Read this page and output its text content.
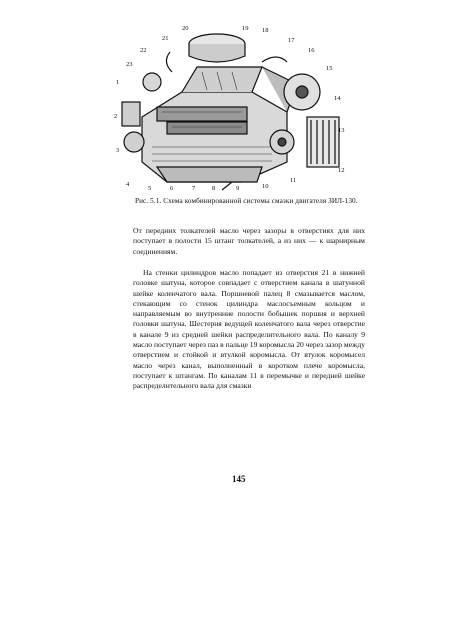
1
2
3
4
5	6	7	8	9	10
11
12
13
14
15
16
17
18
19
20
21
22
23
Рис. 5.1. Схема комбинированной системы смазки двигателя ЗИЛ-130.

От передних толкателей масло через зазоры в отверстиях для них поступает в полости 15 штанг толкателей, а из них — к шарнирным соединениям.

На стенки цилиндров масло попадает из отверстия 21 в нижней головке шатуна, которое совпадает с отверстием канала в шатунной шейке коленчатого вала. Поршневой палец 8 смазывается маслом, стекающим со стенок цилиндра маслосъемным кольцом и направляемым во внутренние полости бобышек поршня и верхней головки шатуна. Шестерня ведущей коленчатого вала через отверстие в канале 9 из средней шейки распределительного вала. По каналу 9 масло поступает через паз в пальце 19 коромысла 20 через зазор между отверстием и стойкой и втулкой коромысла. От втулок коромысел масло через канал, выполненный в коротком плече коромысла, поступает к штангам. По каналам 11 в перемычке и передней шейке распределительного вала для смазки

145
